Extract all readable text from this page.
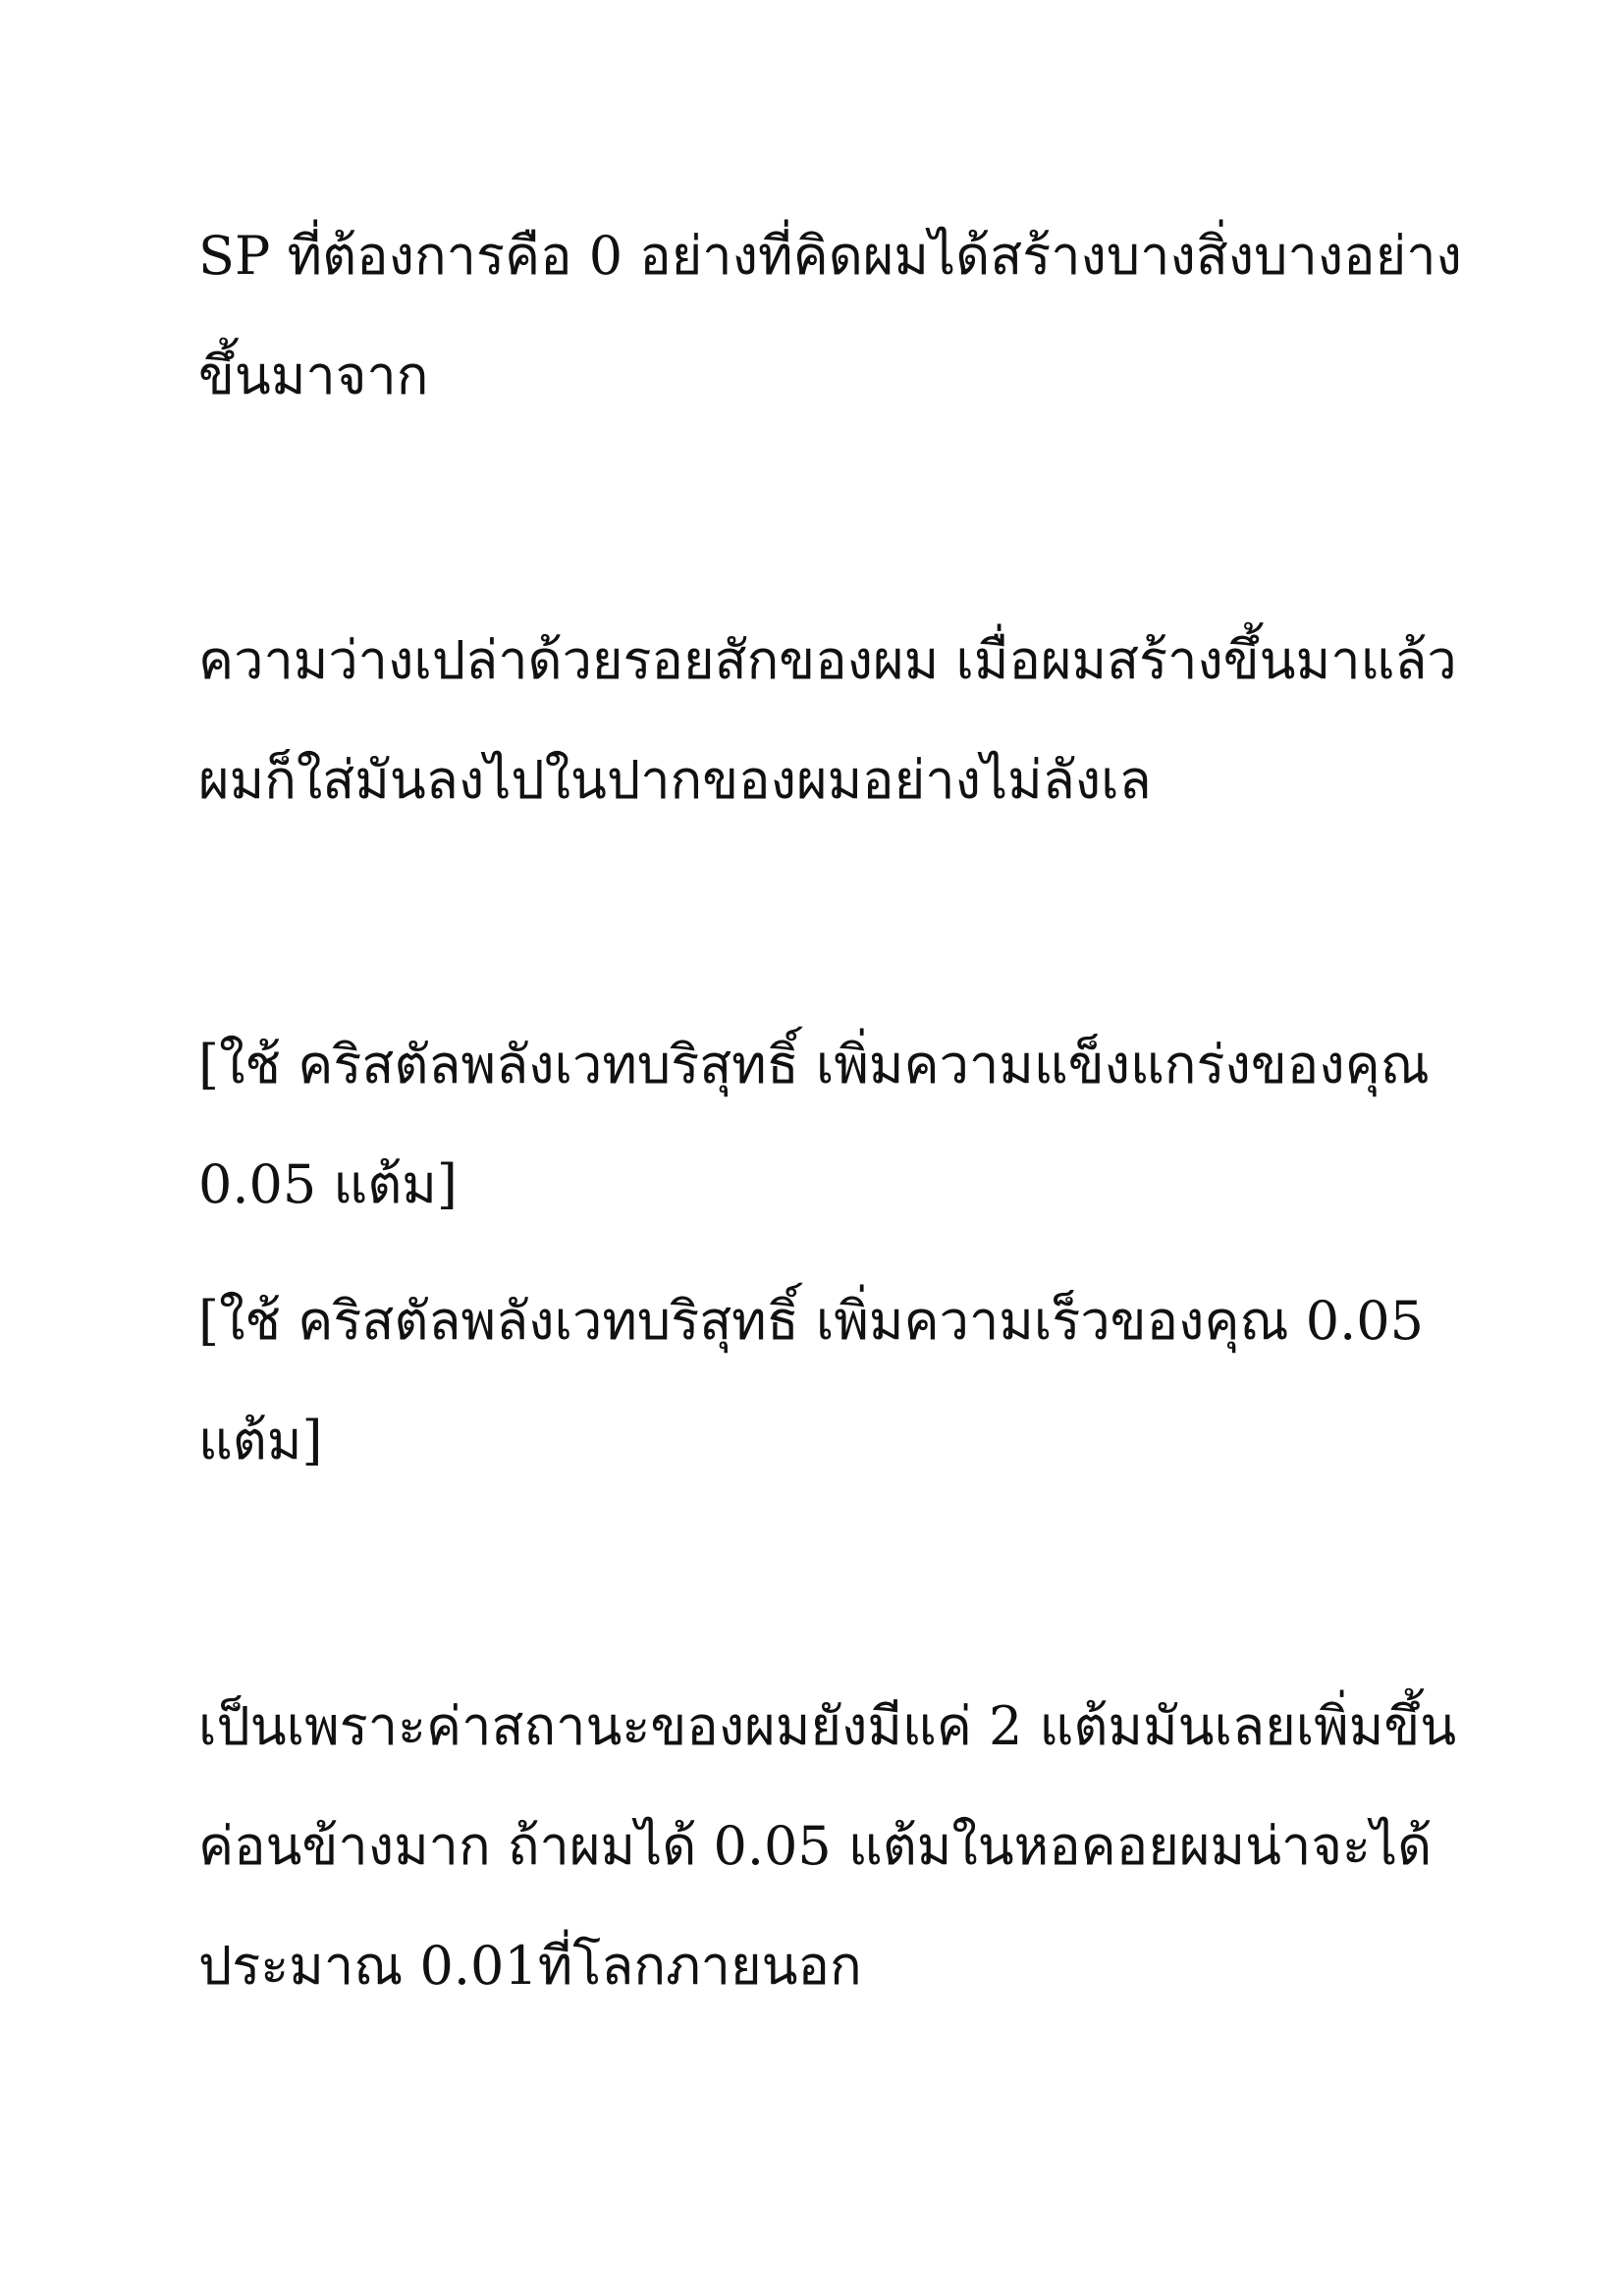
SP ที่ต้องการคือ 0 อย่างที่คิดผมได้สร้างบางสิ่งบางอย่าง

ขึ้นมาจาก

ความว่างเปล่าด้วยรอยสักของผม เมื่อผมสร้างขึ้นมาแล้ว

ผมก็ใส่มันลงไปในปากของผมอย่างไม่ลังเล

[ใช้ คริสตัลพลังเวทบริสุทธิ์ เพิ่มความแข็งแกร่งของคุณ

0.05 แต้ม]

[ใช้ คริสตัลพลังเวทบริสุทธิ์ เพิ่มความเร็วของคุณ 0.05

แต้ม]

เป็นเพราะค่าสถานะของผมยังมีแค่ 2 แต้มมันเลยเพิ่มขึ้น

ค่อนข้างมาก ถ้าผมได้ 0.05 แต้มในหอคอยผมน่าจะได้

ประมาณ 0.01ที่โลกภายนอก
